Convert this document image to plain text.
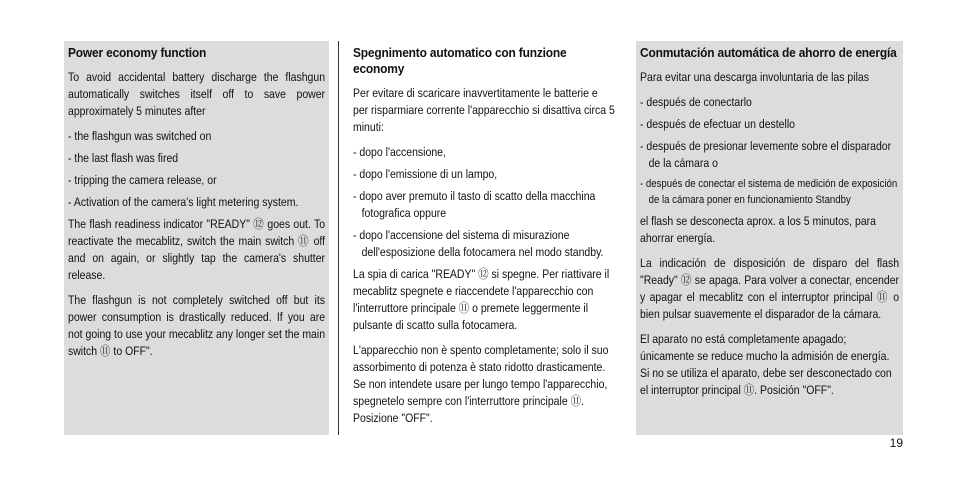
Power economy function

To avoid accidental battery discharge the flashgun automatically switches itself off to save power approximately 5 minutes after

- the flashgun was switched on

- the last flash was fired

- tripping the camera release, or

- Activation of the camera's light metering system.

The flash readiness indicator "READY" ⑫ goes out. To reactivate the mecablitz, switch the main switch ⑪ off and on again, or slightly tap the camera's shutter release.

The flashgun is not completely switched off but its power consumption is drastically reduced. If you are not going to use your mecablitz any longer set the main switch ⑪ to OFF".

Spegnimento automatico con funzione economy

Per evitare di scaricare inavvertitamente le batterie e per risparmiare corrente l'apparecchio si disattiva circa 5 minuti:

- dopo l'accensione,

- dopo l'emissione di un lampo,

- dopo aver premuto il tasto di scatto della macchina fotografica oppure

- dopo l'accensione del sistema di misurazione dell'esposizione della fotocamera nel modo standby.

La spia di carica "READY" ⑫ si spegne. Per riattivare il mecablitz spegnete e riaccendete l'apparecchio con l'interruttore principale ⑪ o premete leggermente il pulsante di scatto sulla fotocamera.

L'apparecchio non è spento completamente; solo il suo assorbimento di potenza è stato ridotto drasticamente. Se non intendete usare per lungo tempo l'apparecchio, spegnetelo sempre con l'interruttore principale ⑪. Posizione "OFF".

Conmutación automática de ahorro de energía

Para evitar una descarga involuntaria de las pilas

- después de conectarlo

- después de efectuar un destello

- después de presionar levemente sobre el disparador de la cámara o

- después de conectar el sistema de medición de exposición de la cámara poner en funcionamiento Standby

el flash se desconecta aprox. a los 5 minutos, para ahorrar energía.

La indicación de disposición de disparo del flash "Ready" ⑫ se apaga. Para volver a conectar, encender y apagar el mecablitz con el interruptor principal ⑪ o bien pulsar suavemente el disparador de la cámara.

El aparato no está completamente apagado; únicamente se reduce mucho la admisión de energía. Si no se utiliza el aparato, debe ser desconectado con el interruptor principal ⑪. Posición "OFF".

19
